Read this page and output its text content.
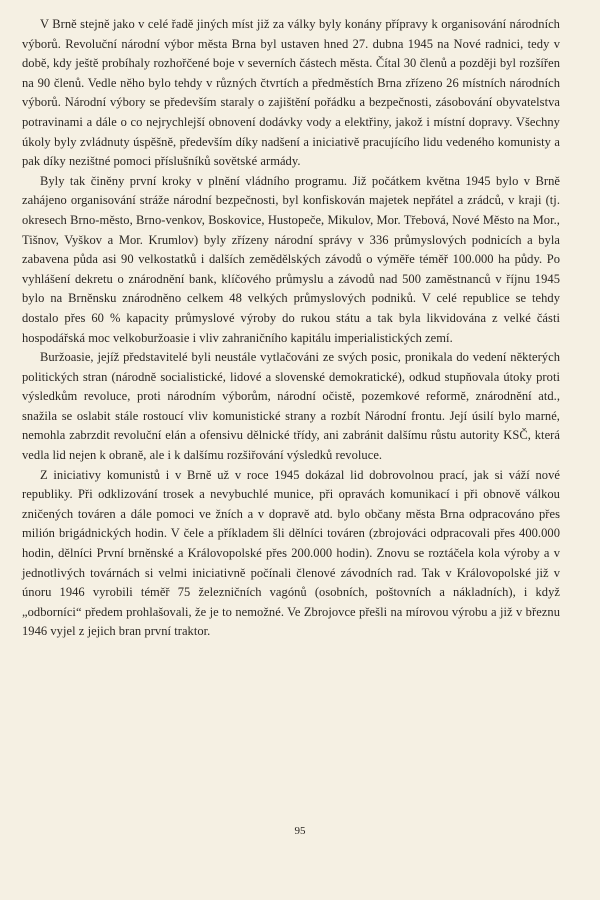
V Brně stejně jako v celé řadě jiných míst již za války byly konány přípravy k organisování národních výborů. Revoluční národní výbor města Brna byl ustaven hned 27. dubna 1945 na Nové radnici, tedy v době, kdy ještě probíhaly rozhořčené boje v severních částech města. Čítal 30 členů a později byl rozšířen na 90 členů. Vedle něho bylo tehdy v různých čtvrtích a předměstích Brna zřízeno 26 místních národních výborů. Národní výbory se především staraly o zajištění pořádku a bezpečnosti, zásobování obyvatelstva potravinami a dále o co nejrychlejší obnovení dodávky vody a elektřiny, jakož i místní dopravy. Všechny úkoly byly zvládnuty úspěšně, především díky nadšení a iniciativě pracujícího lidu vedeného komunisty a pak díky nezištné pomoci příslušníků sovětské armády.

Byly tak činěny první kroky v plnění vládního programu. Již počátkem května 1945 bylo v Brně zahájeno organisování stráže národní bezpečnosti, byl konfiskován majetek nepřátel a zrádců, v kraji (tj. okresech Brno-město, Brno-venkov, Boskovice, Hustopeče, Mikulov, Mor. Třebová, Nové Město na Mor., Tišnov, Vyškov a Mor. Krumlov) byly zřízeny národní správy v 336 průmyslových podnicích a byla zabavena půda asi 90 velkostatků i dalších zemědělských závodů o výměře téměř 100.000 ha půdy. Po vyhlášení dekretu o znárodnění bank, klíčového průmyslu a závodů nad 500 zaměstnanců v říjnu 1945 bylo na Brněnsku znárodněno celkem 48 velkých průmyslových podniků. V celé republice se tehdy dostalo přes 60 % kapacity průmyslové výroby do rukou státu a tak byla likvidována z velké části hospodářská moc velkoburžoasie i vliv zahraničního kapitálu imperialistických zemí.

Buržoasie, jejíž představitelé byli neustále vytlačováni ze svých posic, pronikala do vedení některých politických stran (národně socialistické, lidové a slovenské demokratické), odkud stupňovala útoky proti výsledkům revoluce, proti národním výborům, národní očistě, pozemkové reformě, znárodnění atd., snažila se oslabit stále rostoucí vliv komunistické strany a rozbít Národní frontu. Její úsilí bylo marné, nemohla zabrzdit revoluční elán a ofensivu dělnické třídy, ani zabránit dalšímu růstu autority KSČ, která vedla lid nejen k obraně, ale i k dalšímu rozšiřování výsledků revoluce.

Z iniciativy komunistů i v Brně už v roce 1945 dokázal lid dobrovolnou prací, jak si váží nové republiky. Při odklizování trosek a nevybuchlé munice, při opravách komunikací i při obnově válkou zničených továren a dále pomoci ve žních a v dopravě atd. bylo občany města Brna odpracováno přes milión brigádnických hodin. V čele a příkladem šli dělníci továren (zbrojováci odpracovali přes 400.000 hodin, dělníci První brněnské a Královopolské přes 200.000 hodin). Znovu se roztáčela kola výroby a v jednotlivých továrnách si velmi iniciativně počínali členové závodních rad. Tak v Královopolské již v únoru 1946 vyrobili téměř 75 železničních vagónů (osobních, poštovních a nákladních), i když „odborníci“ předem prohlašovali, že je to nemožné. Ve Zbrojovce přešli na mírovou výrobu a již v březnu 1946 vyjel z jejich bran první traktor.

95
